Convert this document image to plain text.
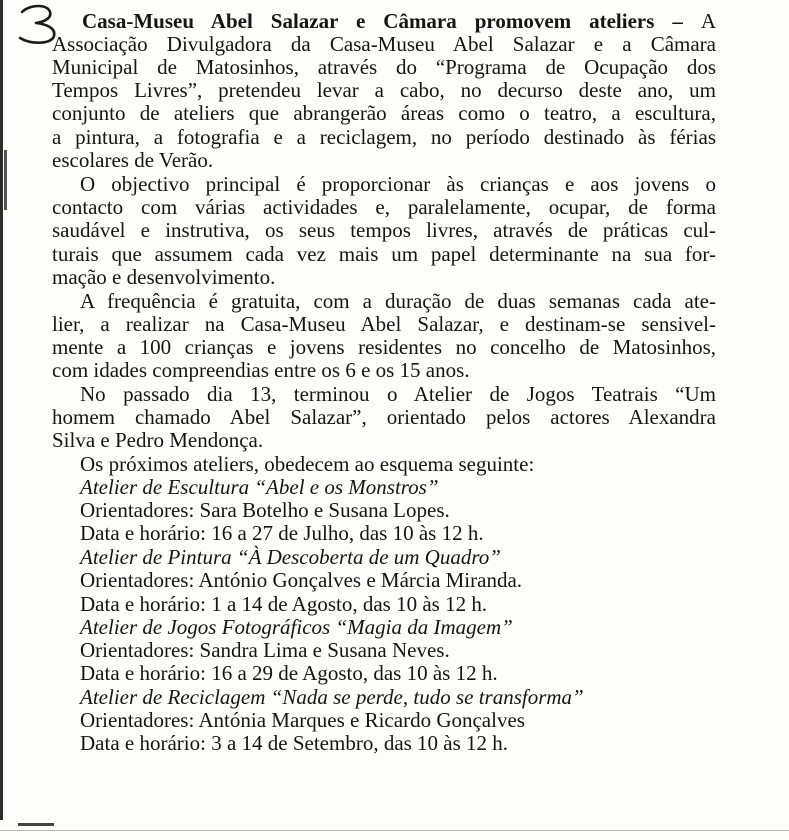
Casa-Museu Abel Salazar e Câmara promovem ateliers – A
Associação Divulgadora da Casa-Museu Abel Salazar e a Câmara
Municipal de Matosinhos, através do “Programa de Ocupação dos
Tempos Livres”, pretendeu levar a cabo, no decurso deste ano, um
conjunto de ateliers que abrangerão áreas como o teatro, a escultura,
a pintura, a fotografia e a reciclagem, no período destinado às férias
escolares de Verão.
O objectivo principal é proporcionar às crianças e aos jovens o
contacto com várias actividades e, paralelamente, ocupar, de forma
saudável e instrutiva, os seus tempos livres, através de práticas cul-
turais que assumem cada vez mais um papel determinante na sua for-
mação e desenvolvimento.
A frequência é gratuita, com a duração de duas semanas cada ate-
lier, a realizar na Casa-Museu Abel Salazar, e destinam-se sensivel-
mente a 100 crianças e jovens residentes no concelho de Matosinhos,
com idades compreendias entre os 6 e os 15 anos.
No passado dia 13, terminou o Atelier de Jogos Teatrais “Um
homem chamado Abel Salazar”, orientado pelos actores Alexandra
Silva e Pedro Mendonça.
Os próximos ateliers, obedecem ao esquema seguinte:
Atelier de Escultura “Abel e os Monstros”
Orientadores: Sara Botelho e Susana Lopes.
Data e horário: 16 a 27 de Julho, das 10 às 12 h.
Atelier de Pintura “À Descoberta de um Quadro”
Orientadores: António Gonçalves e Márcia Miranda.
Data e horário: 1 a 14 de Agosto, das 10 às 12 h.
Atelier de Jogos Fotográficos “Magia da Imagem”
Orientadores: Sandra Lima e Susana Neves.
Data e horário: 16 a 29 de Agosto, das 10 às 12 h.
Atelier de Reciclagem “Nada se perde, tudo se transforma”
Orientadores: Antónia Marques e Ricardo Gonçalves
Data e horário: 3 a 14 de Setembro, das 10 às 12 h.
